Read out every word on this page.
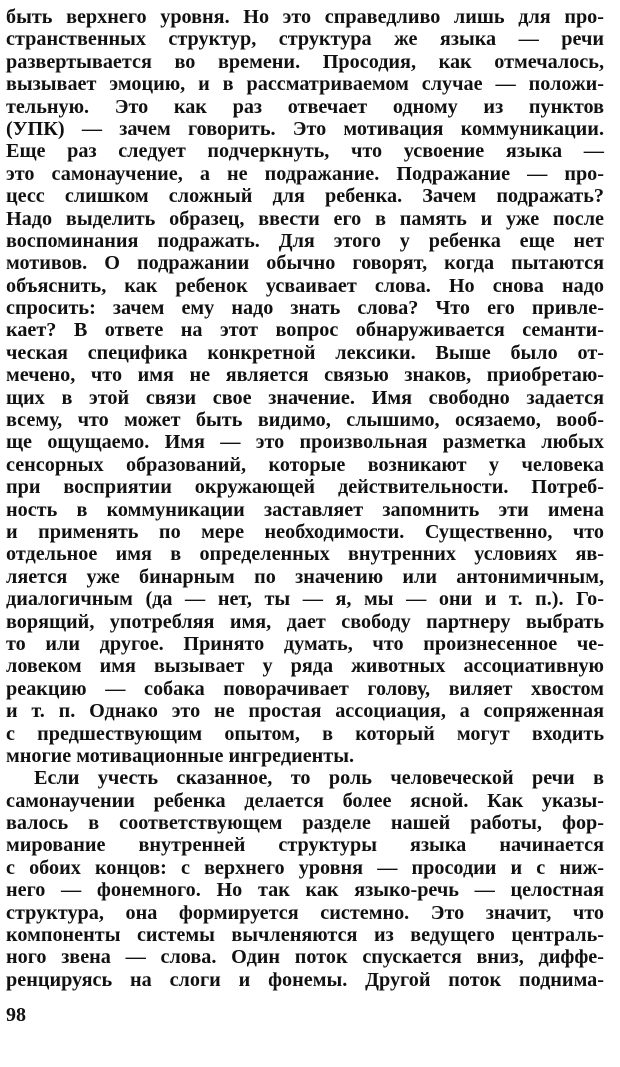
быть верхнего уровня. Но это справедливо лишь для про-
странственных структур, структура же языка — речи
развертывается во времени. Просодия, как отмечалось,
вызывает эмоцию, и в рассматриваемом случае — положи-
тельную. Это как раз отвечает одному из пунктов
(УПК) — зачем говорить. Это мотивация коммуникации.
Еще раз следует подчеркнуть, что усвоение языка —
это самонаучение, а не подражание. Подражание — про-
цесс слишком сложный для ребенка. Зачем подражать?
Надо выделить образец, ввести его в память и уже после
воспоминания подражать. Для этого у ребенка еще нет
мотивов. О подражании обычно говорят, когда пытаются
объяснить, как ребенок усваивает слова. Но снова надо
спросить: зачем ему надо знать слова? Что его привле-
кает? В ответе на этот вопрос обнаруживается семанти-
ческая специфика конкретной лексики. Выше было от-
мечено, что имя не является связью знаков, приобретаю-
щих в этой связи свое значение. Имя свободно задается
всему, что может быть видимо, слышимо, осязаемо, вооб-
ще ощущаемо. Имя — это произвольная разметка любых
сенсорных образований, которые возникают у человека
при восприятии окружающей действительности. Потреб-
ность в коммуникации заставляет запомнить эти имена
и применять по мере необходимости. Существенно, что
отдельное имя в определенных внутренних условиях яв-
ляется уже бинарным по значению или антонимичным,
диалогичным (да — нет, ты — я, мы — они и т. п.). Го-
ворящий, употребляя имя, дает свободу партнеру выбрать
то или другое. Принято думать, что произнесенное че-
ловеком имя вызывает у ряда животных ассоциативную
реакцию — собака поворачивает голову, виляет хвостом
и т. п. Однако это не простая ассоциация, а сопряженная
с предшествующим опытом, в который могут входить
многие мотивационные ингредиенты.
Если учесть сказанное, то роль человеческой речи в
самонаучении ребенка делается более ясной. Как указы-
валось в соответствующем разделе нашей работы, фор-
мирование внутренней структуры языка начинается
с обоих концов: с верхнего уровня — просодии и с ниж-
него — фонемного. Но так как языко-речь — целостная
структура, она формируется системно. Это значит, что
компоненты системы вычленяются из ведущего централь-
ного звена — слова. Один поток спускается вниз, диффе-
ренцируясь на слоги и фонемы. Другой поток поднима-
98
